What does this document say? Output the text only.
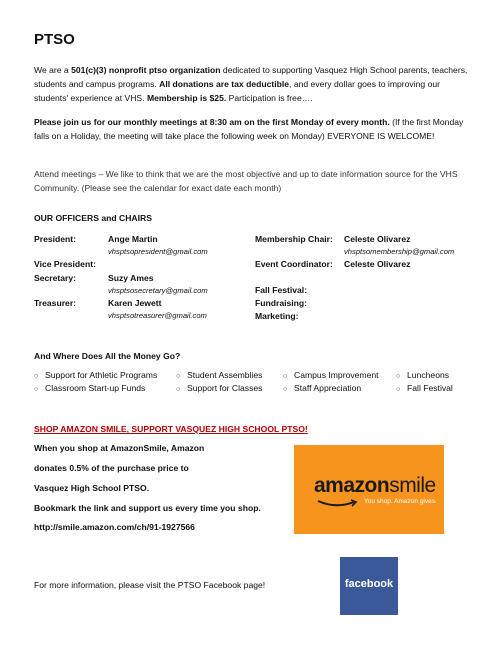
PTSO
We are a 501(c)(3) nonprofit ptso organization dedicated to supporting Vasquez High School parents, teachers, students and campus programs. All donations are tax deductible, and every dollar goes to improving our students' experience at VHS. Membership is $25. Participation is free….
Please join us for our monthly meetings at 8:30 am on the first Monday of every month. (If the first Monday falls on a Holiday, the meeting will take place the following week on Monday) EVERYONE IS WELCOME!
Attend meetings – We like to think that we are the most objective and up to date information source for the VHS Community. (Please see the calendar for exact date each month)
OUR OFFICERS and CHAIRS
President:	Ange Martin
vhsptsopresident@gmail.com
Vice President:
Secretary:	Suzy Ames
vhsptsosecretary@gmail.com
Treasurer:	Karen Jewett
vhsptsotreasurer@gmail.com
Membership Chair: Celeste Olivarez
vhsptsomembership@gmail.com
Event Coordinator: Celeste Olivarez
Fall Festival:
Fundraising:
Marketing:
And Where Does All the Money Go?
○ Support for Athletic Programs	○ Student Assemblies	○ Campus Improvement	○ Luncheons
○ Classroom Start-up Funds	○ Support for Classes	○ Staff Appreciation	○ Fall Festival
SHOP AMAZON SMILE, SUPPORT VASQUEZ HIGH SCHOOL PTSO!
When you shop at AmazonSmile, Amazon
donates 0.5% of the purchase price to
Vasquez High School PTSO.
Bookmark the link and support us every time you shop.
http://smile.amazon.com/ch/91-1927566
amazonsmile
You shop. Amazon gives.
For more information, please visit the PTSO Facebook page!	facebook
